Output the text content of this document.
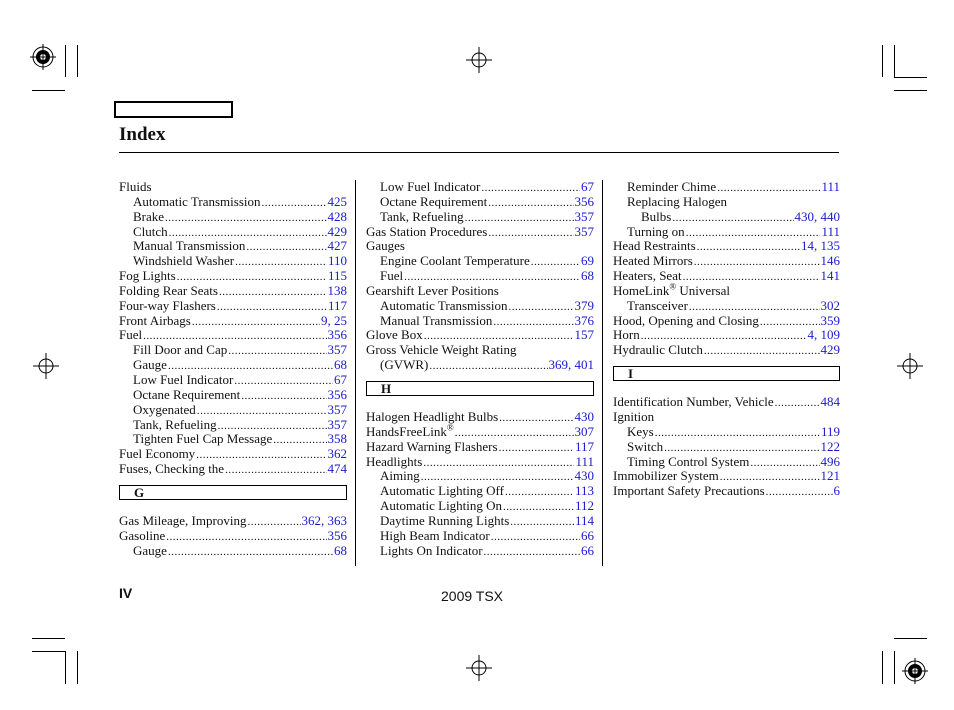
Index
Fluids
Automatic Transmission .....	425
Brake .....	428
Clutch .....	429
Manual Transmission .....	427
Windshield Washer .....	110
Fog Lights .....	115
Folding Rear Seats .....	138
Four-way Flashers .....	117
Front Airbags .....	9, 25
Fuel .....	356
Fill Door and Cap .....	357
Gauge .....	68
Low Fuel Indicator .....	67
Octane Requirement .....	356
Oxygenated .....	357
Tank, Refueling .....	357
Tighten Fuel Cap Message .....	358
Fuel Economy .....	362
Fuses, Checking the .....	474
G
Gas Mileage, Improving .....	362, 363
Gasoline .....	356
Gauge .....	68
Low Fuel Indicator .....	67
Octane Requirement .....	356
Tank, Refueling .....	357
Gas Station Procedures .....	357
Gauges
Engine Coolant Temperature .....	69
Fuel .....	68
Gearshift Lever Positions
Automatic Transmission .....	379
Manual Transmission .....	376
Glove Box .....	157
Gross Vehicle Weight Rating
(GVWR) .....	369, 401
H
Halogen Headlight Bulbs .....	430
HandsFreeLink® .....	307
Hazard Warning Flashers .....	117
Headlights .....	111
Aiming .....	430
Automatic Lighting Off .....	113
Automatic Lighting On .....	112
Daytime Running Lights .....	114
High Beam Indicator .....	66
Lights On Indicator .....	66
Reminder Chime .....	111
Replacing Halogen
Bulbs .....	430, 440
Turning on .....	111
Head Restraints .....	14, 135
Heated Mirrors .....	146
Heaters, Seat .....	141
HomeLink® Universal
Transceiver .....	302
Hood, Opening and Closing .....	359
Horn .....	4, 109
Hydraulic Clutch .....	429
I
Identification Number, Vehicle .....	484
Ignition
Keys .....	119
Switch .....	122
Timing Control System .....	496
Immobilizer System .....	121
Important Safety Precautions .....	6
IV	2009 TSX
